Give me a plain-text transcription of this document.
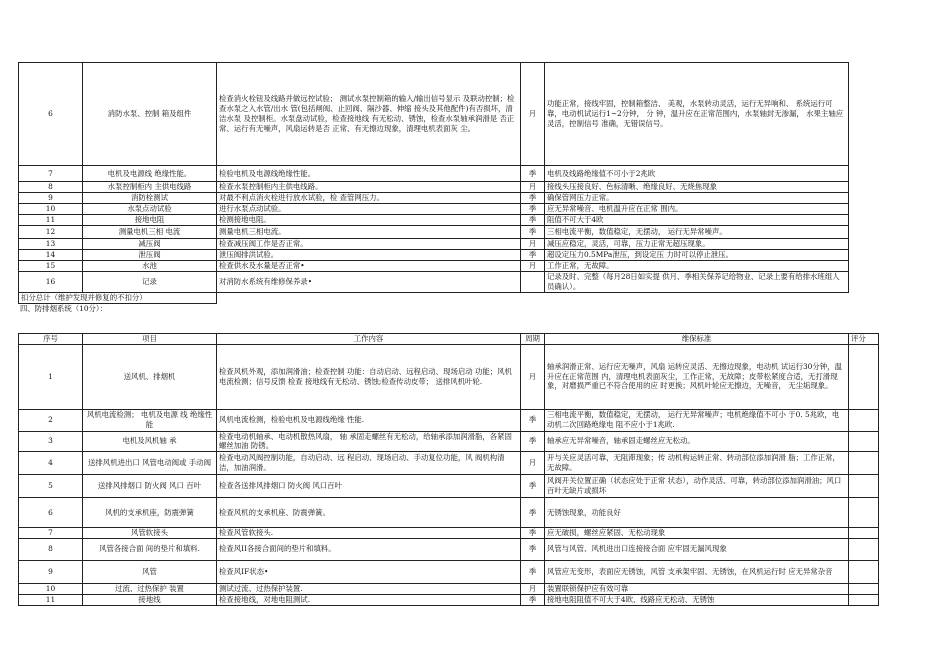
6	消防水泵、控制 箱及组件	检查消火栓钮及线路并做远控试验； 测试水泵控制箱的输入/输出信号显示 及联动控制；检查水泵之入水管/出水 管(包括闸阀、止回阀、隔沙器、伸缩 接头及其他配件)有否损坏，清洁水泵 及控制柜。水泵盘动试验，检查接地线 有无松动、锈蚀，检查水泵轴承润滑是 否正常、运行有无噪声，风扇运转是否 正常、有无擦边现象，清理电机表面灰 尘。	月	功能正常，接线牢固，控制箱整洁、 美观，水泵转动灵活，运行无异响和、 系统运行可靠，电动机试运行1~2分钟， 分 钟，温升应在正常范围内，水泵轴封无渗漏， 水果主轴应灵活，控制信号 准确，无错误信号。
7	电机及电源线 绝缘性能。	检验电机及电源线绝缘性能。	季	电机及线路绝缘值不可小于2兆欧
8	水泵控制柜内 主供电线路	检查水泵控制柜内主供电线路。	月	接线头压接良好、色标清晰、绝缘良好、无烧焦现象
9	消防栓测试	对最不利点消火栓进行放水试验，检 查管网压力。	季	确保管网压力正常。
10	水泵点动试验	进行水泵点动试验。	季	应无异常噪音、电机温升应在正常 围内。
11	接地电阻	检测接地电阻。	季	阻值不可大于4欧
12	测量电机三相 电流	测量电机三相电流。	季	三相电流平衡，数值稳定，无摆动， 运行无异常噪声。
13	减压阀	检查减压阀工作是否正常。	月	减压应稳定，灵活，可靠，压力正常无超压现象。
14	泄压阀	泄压阀排洪试验。	季	超设定压力0.5MPa泄压，到设定压 力时可以停止泄压。
15	水池	检查供水及水量是否正常•	月	工作正常，无故障。
16	记录	对消防水系统有维修保养录•		记录及时、完整（每月28日如实提 供月、季相关保养记给物业、记录上要有给排水班组人员确认）。
扣分总计（维护发现并修复的不扣分）				
四、防排烟系统（10分）：
序号	项目	工作内容	周期	维保标准	评分
1	送风机、排烟机	检查风机外观，添加润滑油；检查控制 功能：自动启动、远程启动、现场启动 功能；风机电流检测；信号反馈 检查 接地线有无松动、锈蚀;检查传动皮带； 送排风机叶轮.	月	轴承润滑正常、运行应无噪声，风扇 运转应灵活、无擦边现象，电动机 试运行30分钟，温升应在正常范围 内，清理电机表面灰尘，工作正常，无故障；皮带松紧度合适，无打滑现象，对磨损严重已不符合使用的应 时更换；风机叶轮应无擦边，无噪音， 无尘垢现象。	
2	风机电流检测； 电机及电源 线 绝缘性能	风机电流检测，检验电机及电源线绝缘 性能.	季	三相电流平衡，数值稳定，无摆动， 运行无异常噪声；电机绝缘值不可小 于0. 5兆欧，电动机二次回路绝缘电 阻不应小于1兆欧.	
3	电机及风机轴 承	检查电动机轴承、电动机散热风扇， 轴 承固走螺丝有无松动，给轴承添加润滑脂，各紧固螺丝加油 防锈。	季	轴承应无异常噪音，轴承固走螺丝应无松动。	
4	送排风机进出口 风管电动阀或 手动阀	检查电动风阀控制功能，自动启动、远 程启动、现场启动、手动复位功能，风 阀机构清洁，加油润滑。	月	开与关应灵活可靠，无阻滞现象；传 动机构运转正常、转动部位添加润滑 脂；工作正常，无故障。	
5	送排风排烟口 防火阀 风口 百叶	检查各送排风排烟口 防火阀 风口百叶	季	风阀开关位置正确（状态应处于正常 状态），动作灵活、可靠，转动部位添加润滑油；风口百叶无缺片或损坏	
6	风机的支承机座，防震弹簧	检查风机的支承机座、防震弹簧。	季	无锈蚀现象，功能良好	
7	风管软接头	检查风管软接头.	季	应无破损，螺丝应紧固、无松动现象	
8	风管各接合面 间的垫片和填料.	检查风II各接合面间的垫片和填料。	季	风管与风管、风机进出口连接接合面 应牢固无漏风现象	
9	风管	检查风IF状态•	季	风管应无变形，表面应无锈蚀，风管 支承架牢固、无锈蚀，在风机运行时 应无异常杂音	
10	过流、过热保护 装置	测试过流、过热保护装置.	月	装置联锁保护应有效可靠	
11	接地线	检查接地线，对地电阻测试.	季	接地电阻阻值不可大于4欧、线路应无松动、无锈蚀	
